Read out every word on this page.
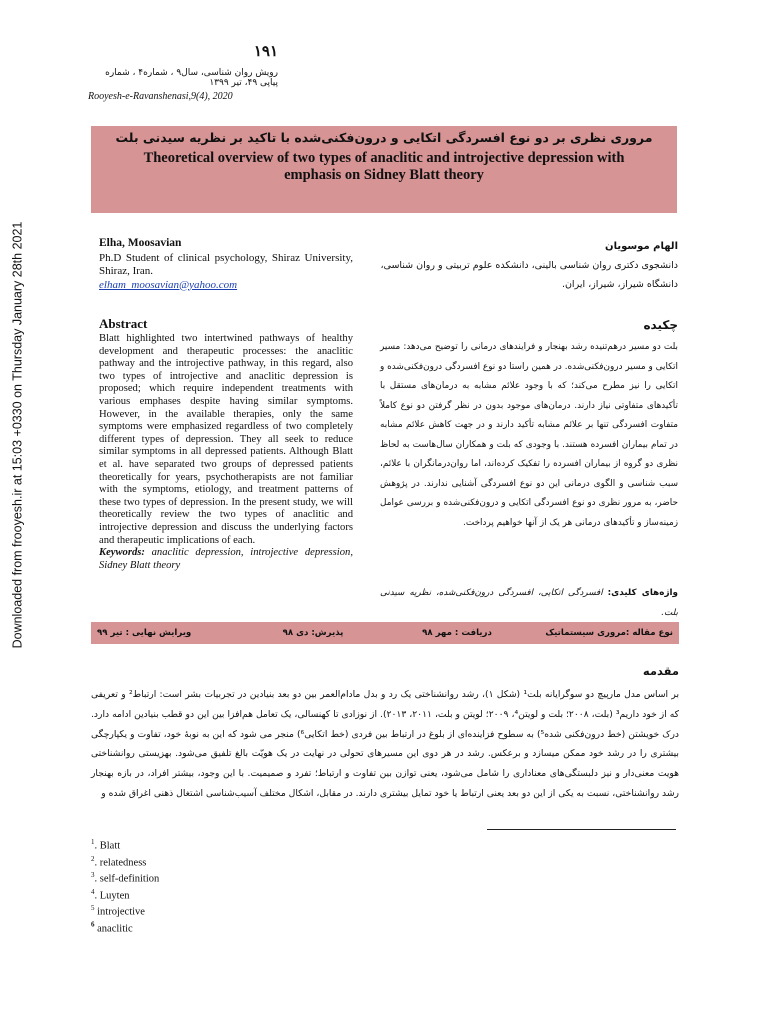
Downloaded from frooyesh.ir at 15:03 +0330 on Thursday January 28th 2021
۱۹۱
رویش روان شناسی، سال۹ ، شماره۴ ، شماره پیاپی ۴۹، تیر ۱۳۹۹
Rooyesh-e-Ravanshenasi,9(4), 2020
مروری نظری بر دو نوع افسردگی اتکایی و درون‌فکنی‌شده با تاکید بر نظریه سیدنی بلت
Theoretical overview of two types of anaclitic and introjective depression with emphasis on Sidney Blatt theory
Elha, Moosavian
Ph.D Student of clinical psychology, Shiraz University, Shiraz, Iran.
elham_moosavian@yahoo.com
الهام موسویان
دانشجوی دکتری روان شناسی بالینی، دانشکده علوم تربیتی و روان شناسی، دانشگاه شیراز، شیراز، ایران.
Abstract

Blatt highlighted two intertwined pathways of healthy development and therapeutic processes: the anaclitic pathway and the introjective pathway, in this regard, also two types of introjective and anaclitic depression is proposed; which require independent treatments with various emphases despite having similar symptoms. However, in the available therapies, only the same symptoms were emphasized regardless of two completely different types of depression. They all seek to reduce similar symptoms in all depressed patients. Although Blatt et al. have separated two groups of depressed patients theoretically for years, psychotherapists are not familiar with the symptoms, etiology, and treatment patterns of these two types of depression. In the present study, we will theoretically review the two types of anaclitic and introjective depression and discuss the underlying factors and therapeutic implications of each.

Keywords: anaclitic depression, introjective depression, Sidney Blatt theory
چکیده

بلت دو مسیر درهم‌تنیده رشد بهنجار و فرایندهای درمانی را توضیح می‌دهد: مسیر اتکایی و مسیر درون‌فکنی‌شده. در همین راستا دو نوع افسردگی درون‌فکنی‌شده و اتکایی را نیز مطرح می‌کند؛ که با وجود علائم مشابه به درمان‌های مستقل با تأکیدهای متفاوتی نیاز دارند. درمان‌های موجود بدون در نظر گرفتن دو نوع کاملاً متفاوت افسردگی تنها بر علائم مشابه تأکید دارند و در جهت کاهش علائم مشابه در تمام بیماران افسرده هستند. با وجودی که بلت و همکاران سال‌هاست به لحاظ نظری دو گروه از بیماران افسرده را تفکیک کرده‌اند، اما روان‌درمانگران با علائم، سبب شناسی و الگوی درمانی این دو نوع افسردگی آشنایی ندارند. در پژوهش حاضر، به مرور نظری دو نوع افسردگی اتکایی و درون‌فکنی‌شده و بررسی عوامل زمینه‌ساز و تأکیدهای درمانی هر یک از آنها خواهیم پرداخت.

واژه‌های کلیدی: افسردگی اتکایی، افسردگی درون‌فکنی‌شده، نظریه سیدنی بلت.
نوع مقاله :مروری سیستماتیک
دریافت : مهر ۹۸
پذیرش: دی ۹۸
ویرایش نهایی : تیر ۹۹
مقدمه

بر اساس مدل مارپیچ دو سوگرایانه بلت¹ (شکل ۱)، رشد روانشناختی یک رد و بدل مادام‌العمر بین دو بعد بنیادین در تجربیات بشر است: ارتباط² و تعریفی که از خود داریم³ (بلت، ۲۰۰۸؛ بلت و لویتن⁴، ۲۰۰۹؛ لویتن و بلت، ۲۰۱۱، ۲۰۱۳). از نوزادی تا کهنسالی، یک تعامل هم‌افزا بین این دو قطب بنیادین ادامه دارد. درک خویشتن (خط درون‌فکنی شده⁵) به سطوح فزاینده‌ای از بلوغ در ارتباط بین فردی (خط اتکایی⁶) منجر می شود که این به نوبهٔ خود، تفاوت و یکپارچگی بیشتری را در رشد خود ممکن میسازد و برعکس. رشد در هر دوی این مسیرهای تحولی در نهایت در یک هویّت بالغ تلفیق می‌شود. بهزیستی روانشناختی هویت معنی‌دار و نیز دلبستگی‌های معناداری را شامل می‌شود، یعنی توازن بین تفاوت و ارتباط؛ تفرد و صمیمیت. با این وجود، بیشتر افراد، در بازه بهنجار رشد روانشناختی، نسبت به یکی از این دو بعد یعنی ارتباط یا خود تمایل بیشتری دارند. در مقابل، اشکال مختلف آسیب‌شناسی اشتغال ذهنی اغراق شده و

$^1$. Blatt
$^2$. relatedness
$^3$. self-definition
$^4$. Luyten
$^5$ introjective
$^6$ anaclitic
